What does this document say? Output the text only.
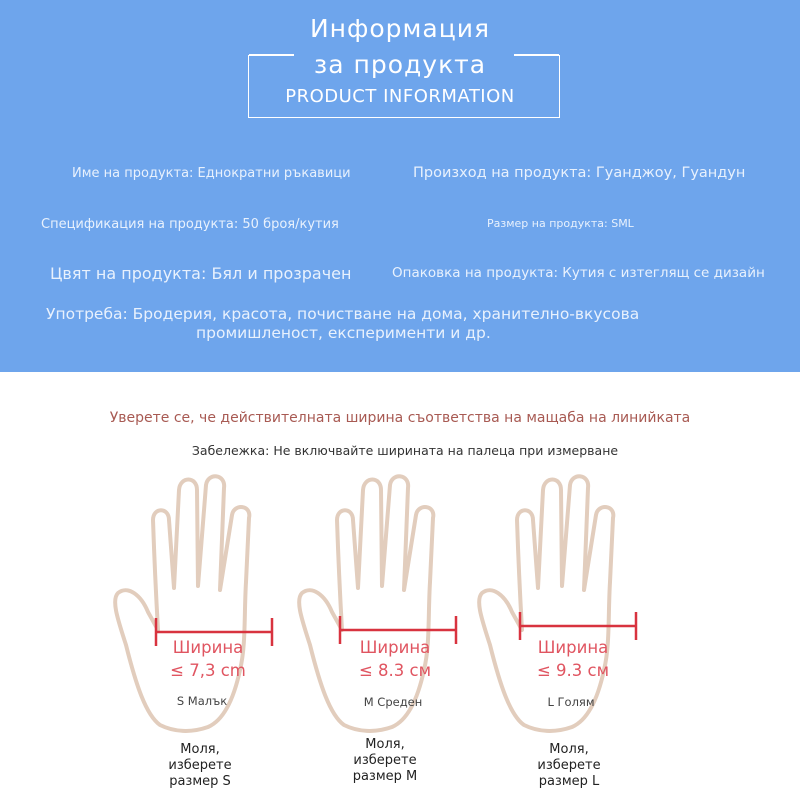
Информация
за продукта
PRODUCT INFORMATION
Име на продукта: Еднократни ръкавици	Произход на продукта: Гуанджоу, Гуандун
Спецификация на продукта: 50 броя/кутия	Размер на продукта: SML
Цвят на продукта: Бял и прозрачен	Опаковка на продукта: Кутия с изтеглящ се дизайн
Употреба: Бродерия, красота, почистване на дома, хранително-вкусова
промишленост, експерименти и др.
Уверете се, че действителната ширина съответства на мащаба на линийката
Забележка: Не включвайте ширината на палеца при измерване
Ширина
≤ 7,3 cm
S Малък
Моля,
изберете
размер S
Ширина
≤ 8.3 см
M Среден
Моля,
изберете
размер M
Ширина
≤ 9.3 см
L Голям
Моля,
изберете
размер L
